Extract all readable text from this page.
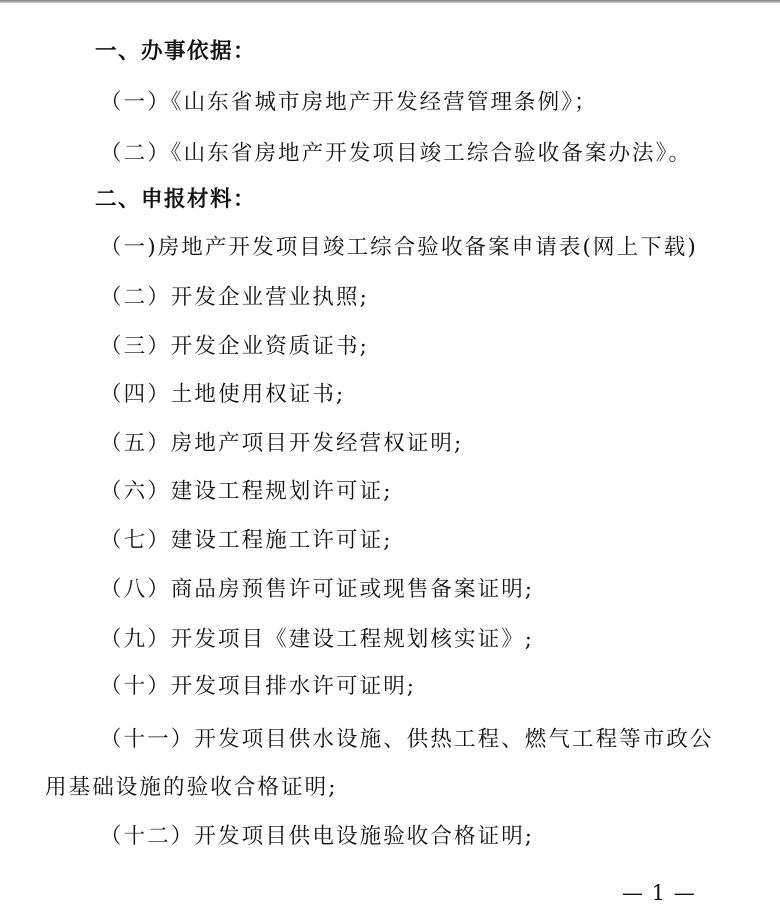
一、办事依据：
（一）《山东省城市房地产开发经营管理条例》；
（二）《山东省房地产开发项目竣工综合验收备案办法》。
二、申报材料：
（一)房地产开发项目竣工综合验收备案申请表(网上下载)
（二）开发企业营业执照;
（三）开发企业资质证书;
（四）土地使用权证书;
（五）房地产项目开发经营权证明;
（六）建设工程规划许可证;
（七）建设工程施工许可证;
（八）商品房预售许可证或现售备案证明;
（九）开发项目《建设工程规划核实证》;
（十）开发项目排水许可证明;
（十一）开发项目供水设施、供热工程、燃气工程等市政公
用基础设施的验收合格证明;
（十二）开发项目供电设施验收合格证明;
— 1 —
